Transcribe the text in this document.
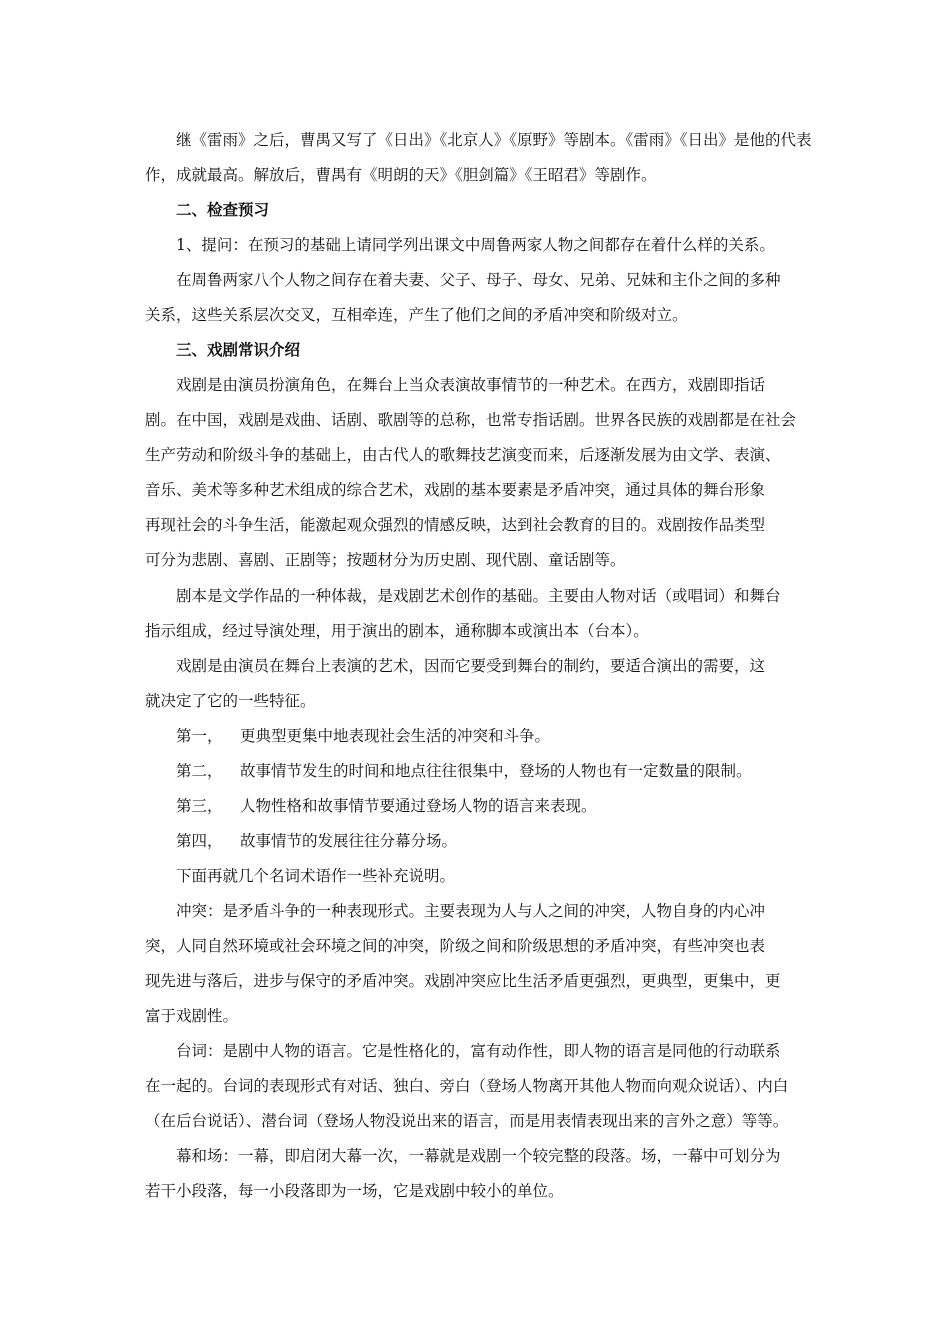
继《雷雨》之后，曹禺又写了《日出》《北京人》《原野》等剧本。《雷雨》《日出》是他的代表
作，成就最高。解放后，曹禺有《明朗的天》《胆剑篇》《王昭君》等剧作。
二、检查预习
1、提问：在预习的基础上请同学列出课文中周鲁两家人物之间都存在着什么样的关系。
在周鲁两家八个人物之间存在着夫妻、父子、母子、母女、兄弟、兄妹和主仆之间的多种
关系，这些关系层次交叉，互相牵连，产生了他们之间的矛盾冲突和阶级对立。
三、戏剧常识介绍
戏剧是由演员扮演角色，在舞台上当众表演故事情节的一种艺术。在西方，戏剧即指话
剧。在中国，戏剧是戏曲、话剧、歌剧等的总称，也常专指话剧。世界各民族的戏剧都是在社会
生产劳动和阶级斗争的基础上，由古代人的歌舞技艺演变而来，后逐渐发展为由文学、表演、
音乐、美术等多种艺术组成的综合艺术，戏剧的基本要素是矛盾冲突，通过具体的舞台形象
再现社会的斗争生活，能激起观众强烈的情感反映，达到社会教育的目的。戏剧按作品类型
可分为悲剧、喜剧、正剧等；按题材分为历史剧、现代剧、童话剧等。
剧本是文学作品的一种体裁，是戏剧艺术创作的基础。主要由人物对话（或唱词）和舞台
指示组成，经过导演处理，用于演出的剧本，通称脚本或演出本（台本）。
戏剧是由演员在舞台上表演的艺术，因而它要受到舞台的制约，要适合演出的需要，这
就决定了它的一些特征。
第一， 更典型更集中地表现社会生活的冲突和斗争。
第二， 故事情节发生的时间和地点往往很集中，登场的人物也有一定数量的限制。
第三， 人物性格和故事情节要通过登场人物的语言来表现。
第四， 故事情节的发展往往分幕分场。
下面再就几个名词术语作一些补充说明。
冲突：是矛盾斗争的一种表现形式。主要表现为人与人之间的冲突，人物自身的内心冲
突，人同自然环境或社会环境之间的冲突，阶级之间和阶级思想的矛盾冲突，有些冲突也表
现先进与落后，进步与保守的矛盾冲突。戏剧冲突应比生活矛盾更强烈，更典型，更集中，更
富于戏剧性。
台词：是剧中人物的语言。它是性格化的，富有动作性，即人物的语言是同他的行动联系
在一起的。台词的表现形式有对话、独白、旁白（登场人物离开其他人物而向观众说话）、内白
（在后台说话）、潜台词（登场人物没说出来的语言，而是用表情表现出来的言外之意）等等。
幕和场：一幕，即启闭大幕一次，一幕就是戏剧一个较完整的段落。场，一幕中可划分为
若干小段落，每一小段落即为一场，它是戏剧中较小的单位。
